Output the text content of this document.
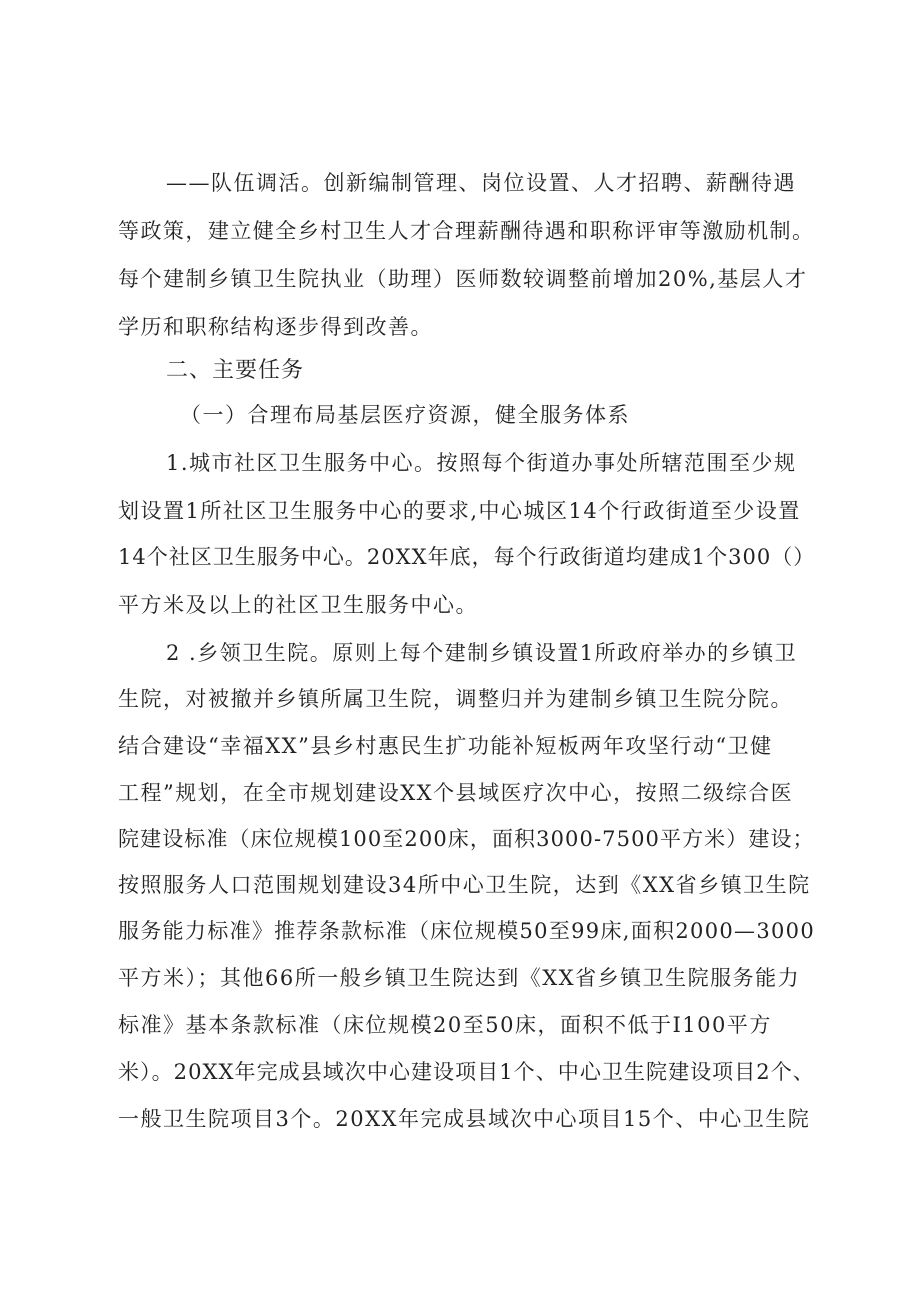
——队伍调活。创新编制管理、岗位设置、人才招聘、薪酬待遇
等政策，建立健全乡村卫生人才合理薪酬待遇和职称评审等激励机制。
每个建制乡镇卫生院执业（助理）医师数较调整前增加20%,基层人才
学历和职称结构逐步得到改善。
二、主要任务
（一）合理布局基层医疗资源，健全服务体系
1.城市社区卫生服务中心。按照每个街道办事处所辖范围至少规
划设置1所社区卫生服务中心的要求,中心城区14个行政街道至少设置
14个社区卫生服务中心。20XX年底，每个行政街道均建成1个300（）
平方米及以上的社区卫生服务中心。
2 .乡领卫生院。原则上每个建制乡镇设置1所政府举办的乡镇卫
生院，对被撤并乡镇所属卫生院，调整归并为建制乡镇卫生院分院。
结合建设“幸福XX”县乡村惠民生扩功能补短板两年攻坚行动“卫健
工程”规划，在全市规划建设XX个县域医疗次中心，按照二级综合医
院建设标准（床位规模100至200床，面积3000-7500平方米）建设；
按照服务人口范围规划建设34所中心卫生院，达到《XX省乡镇卫生院
服务能力标准》推荐条款标准（床位规模50至99床,面积2000—3000
平方米）；其他66所一般乡镇卫生院达到《XX省乡镇卫生院服务能力
标准》基本条款标准（床位规模20至50床，面积不低于I100平方
米）。20XX年完成县域次中心建设项目1个、中心卫生院建设项目2个、
一般卫生院项目3个。20XX年完成县域次中心项目15个、中心卫生院
